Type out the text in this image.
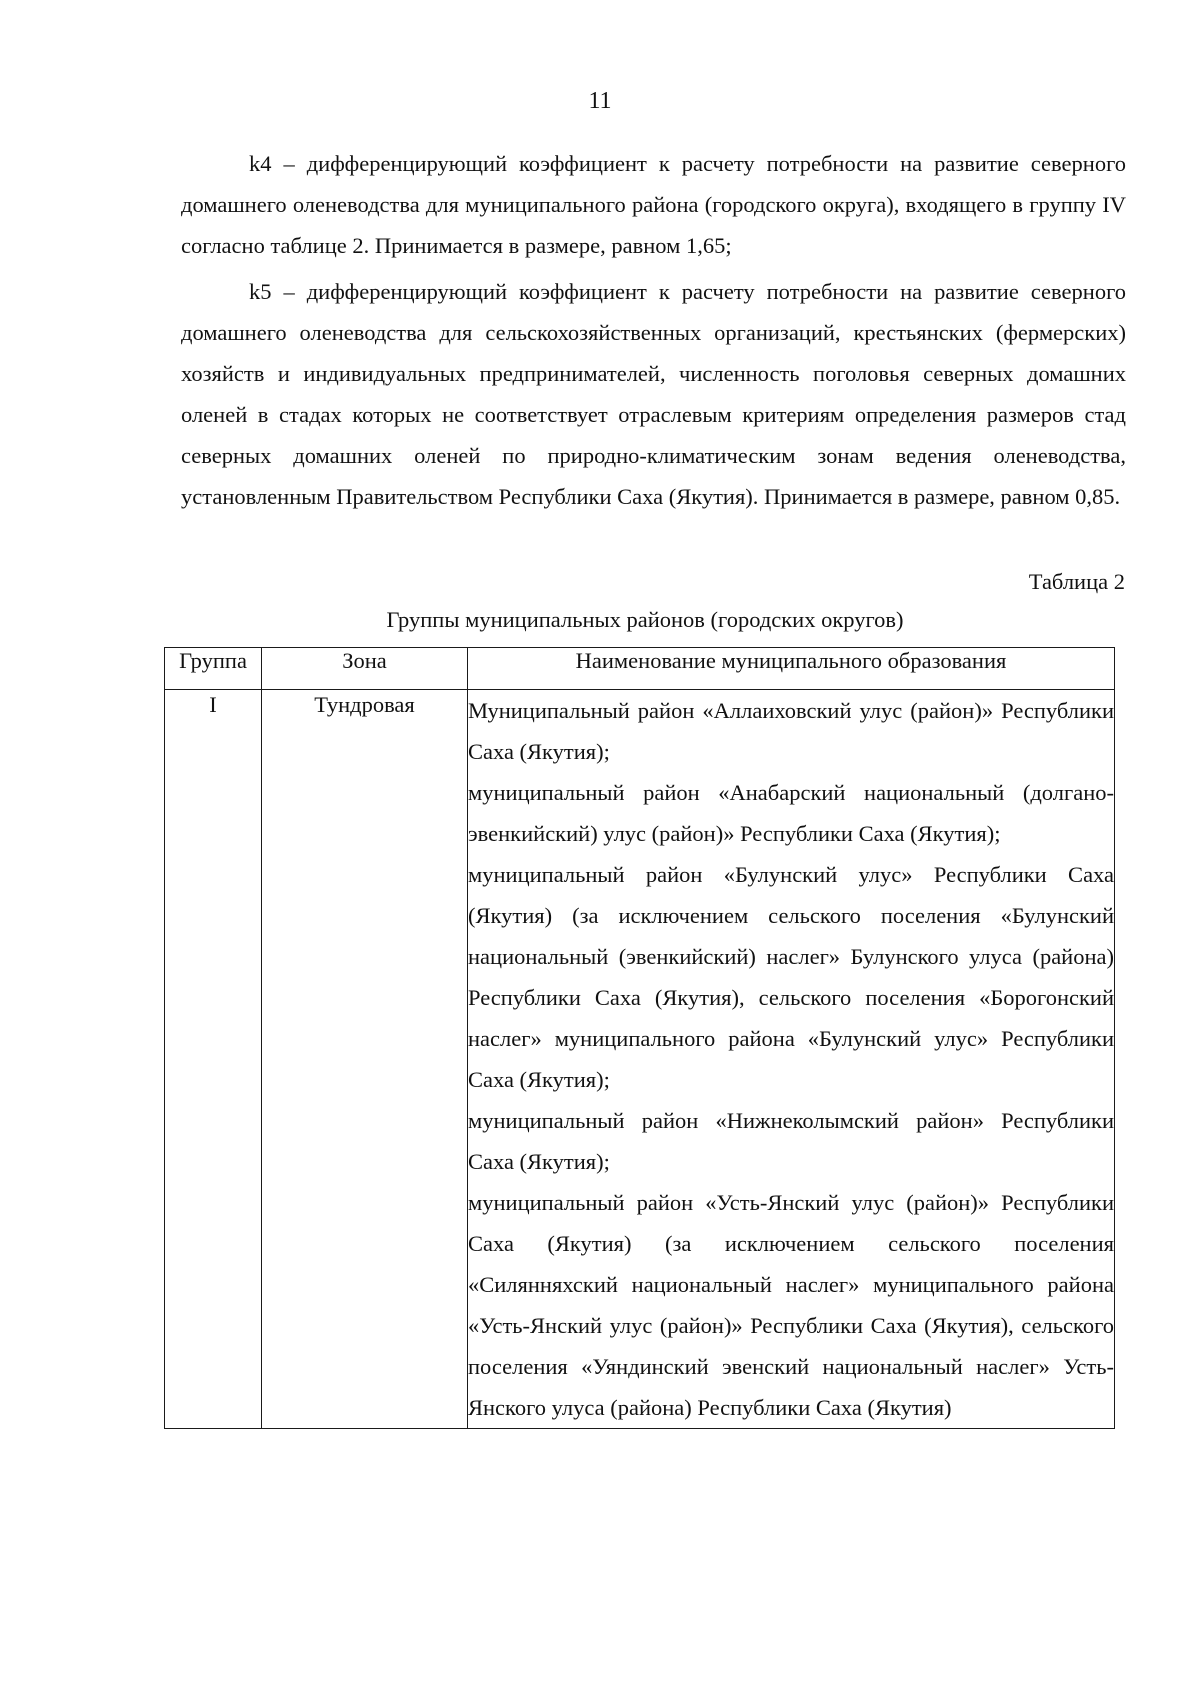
11

k4 – дифференцирующий коэффициент к расчету потребности на развитие северного домашнего оленеводства для муниципального района (городского округа), входящего в группу IV согласно таблице 2. Принимается в размере, равном 1,65;

k5 – дифференцирующий коэффициент к расчету потребности на развитие северного домашнего оленеводства для сельскохозяйственных организаций, крестьянских (фермерских) хозяйств и индивидуальных предпринимателей, численность поголовья северных домашних оленей в стадах которых не соответствует отраслевым критериям определения размеров стад северных домашних оленей по природно-климатическим зонам ведения оленеводства, установленным Правительством Республики Саха (Якутия). Принимается в размере, равном 0,85.

Таблица 2
Группы муниципальных районов (городских округов)
Группа	Зона	Наименование муниципального образования
I	Тундровая	Муниципальный район «Аллаиховский улус (район)» Республики Саха (Якутия);

муниципальный район «Анабарский национальный (долгано-эвенкийский) улус (район)» Республики Саха (Якутия);

муниципальный район «Булунский улус» Республики Саха (Якутия) (за исключением сельского поселения «Булунский национальный (эвенкийский) наслег» Булунского улуса (района) Республики Саха (Якутия), сельского поселения «Борогонский наслег» муниципального района «Булунский улус» Республики Саха (Якутия);

муниципальный район «Нижнеколымский район» Республики Саха (Якутия);

муниципальный район «Усть-Янский улус (район)» Республики Саха (Якутия) (за исключением сельского поселения «Силянняхский национальный наслег» муниципального района «Усть-Янский улус (район)» Республики Саха (Якутия), сельского поселения «Уяндинский эвенский национальный наслег» Усть-Янского улуса (района) Республики Саха (Якутия)
